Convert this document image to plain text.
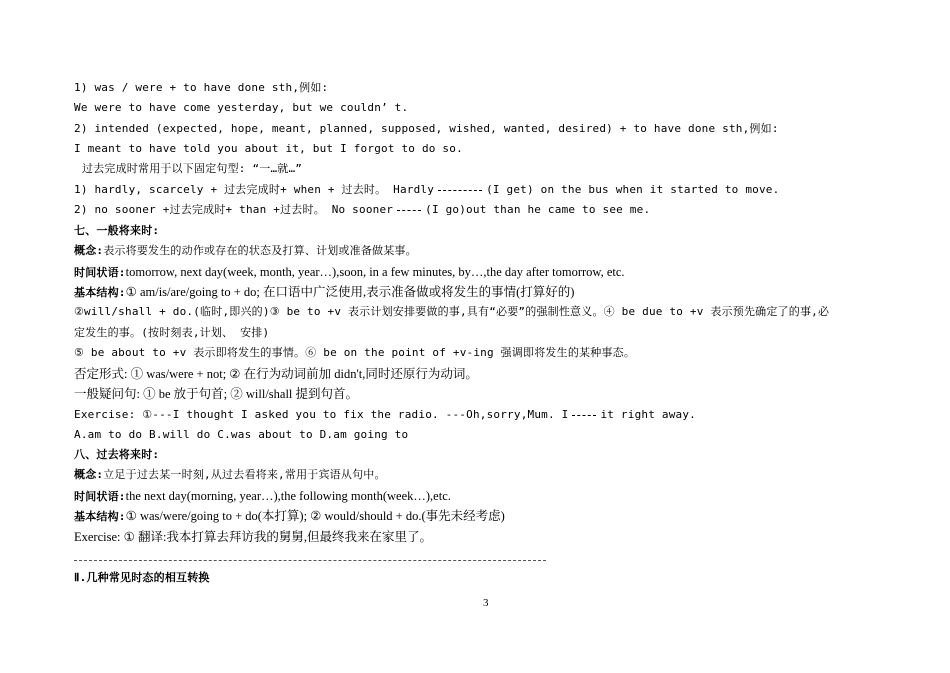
1) was / were + to have done sth,例如:
We were to have come yesterday, but we couldn’ t.
2) intended (expected, hope, meant, planned, supposed, wished, wanted, desired) + to have done sth,例如:
I meant to have told you about it, but I forgot to do so.
过去完成时常用于以下固定句型: “一…就…”
1) hardly, scarcely + 过去完成时+ when + 过去时。 Hardly	(I get) on the bus when it started to move.
2) no sooner +过去完成时+ than +过去时。 No sooner	(I go)out than he came to see me.
七、一般将来时:
概念:表示将要发生的动作或存在的状态及打算、计划或准备做某事。
时间状语:tomorrow, next day(week, month, year…),soon, in a few minutes, by…,the day after tomorrow, etc.
基本结构:① am/is/are/going to + do; 在口语中广泛使用,表示准备做或将发生的事情(打算好的)
②will/shall + do.(临时,即兴的)③ be to +v 表示计划安排要做的事,具有“必要”的强制性意义。④ be due to +v 表示预先确定了的事,必
定发生的事。(按时刻表,计划、 安排)
⑤ be about to +v 表示即将发生的事情。⑥ be on the point of +v-ing 强调即将发生的某种事态。
否定形式: ① was/were + not; ② 在行为动词前加 didn't,同时还原行为动词。
一般疑问句: ① be 放于句首; ② will/shall 提到句首。
Exercise: ①---I thought I asked you to fix the radio. ---Oh,sorry,Mum. I	it right away.
A.am to do B.will do C.was about to D.am going to
八、过去将来时:
概念:立足于过去某一时刻,从过去看将来,常用于宾语从句中。
时间状语:the next day(morning, year…),the following month(week…),etc.
基本结构:① was/were/going to + do(本打算); ② would/should + do.(事先未经考虑)
Exercise: ① 翻译:我本打算去拜访我的舅舅,但最终我来在家里了。
Ⅱ.几种常见时态的相互转换
3
